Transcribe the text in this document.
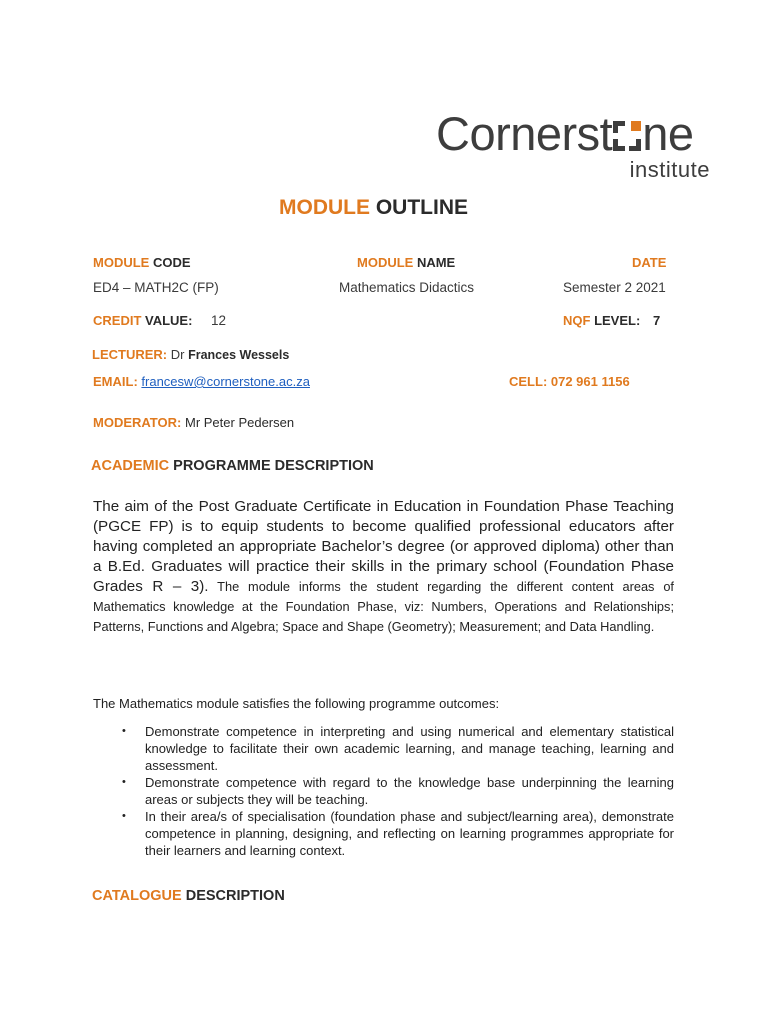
Cornerst ne
institute
MODULE OUTLINE
MODULE CODE
ED4 – MATH2C (FP)
MODULE NAME
Mathematics Didactics
DATE
Semester 2 2021
CREDIT VALUE: 12	NQF LEVEL: 7
LECTURER: Dr Frances Wessels
EMAIL: francesw@cornerstone.ac.za	CELL: 072 961 1156
MODERATOR: Mr Peter Pedersen
ACADEMIC PROGRAMME DESCRIPTION
The aim of the Post Graduate Certificate in Education in Foundation Phase Teaching (PGCE FP) is to equip students to become qualified professional educators after having completed an appropriate Bachelor’s degree (or approved diploma) other than a B.Ed. Graduates will practice their skills in the primary school (Foundation Phase Grades R – 3). The module informs the student regarding the different content areas of Mathematics knowledge at the Foundation Phase, viz: Numbers, Operations and Relationships; Patterns, Functions and Algebra; Space and Shape (Geometry); Measurement; and Data Handling.
The Mathematics module satisfies the following programme outcomes:
• Demonstrate competence in interpreting and using numerical and elementary statistical knowledge to facilitate their own academic learning, and manage teaching, learning and assessment.
• Demonstrate competence with regard to the knowledge base underpinning the learning areas or subjects they will be teaching.
• In their area/s of specialisation (foundation phase and subject/learning area), demonstrate competence in planning, designing, and reflecting on learning programmes appropriate for their learners and learning context.
CATALOGUE DESCRIPTION
